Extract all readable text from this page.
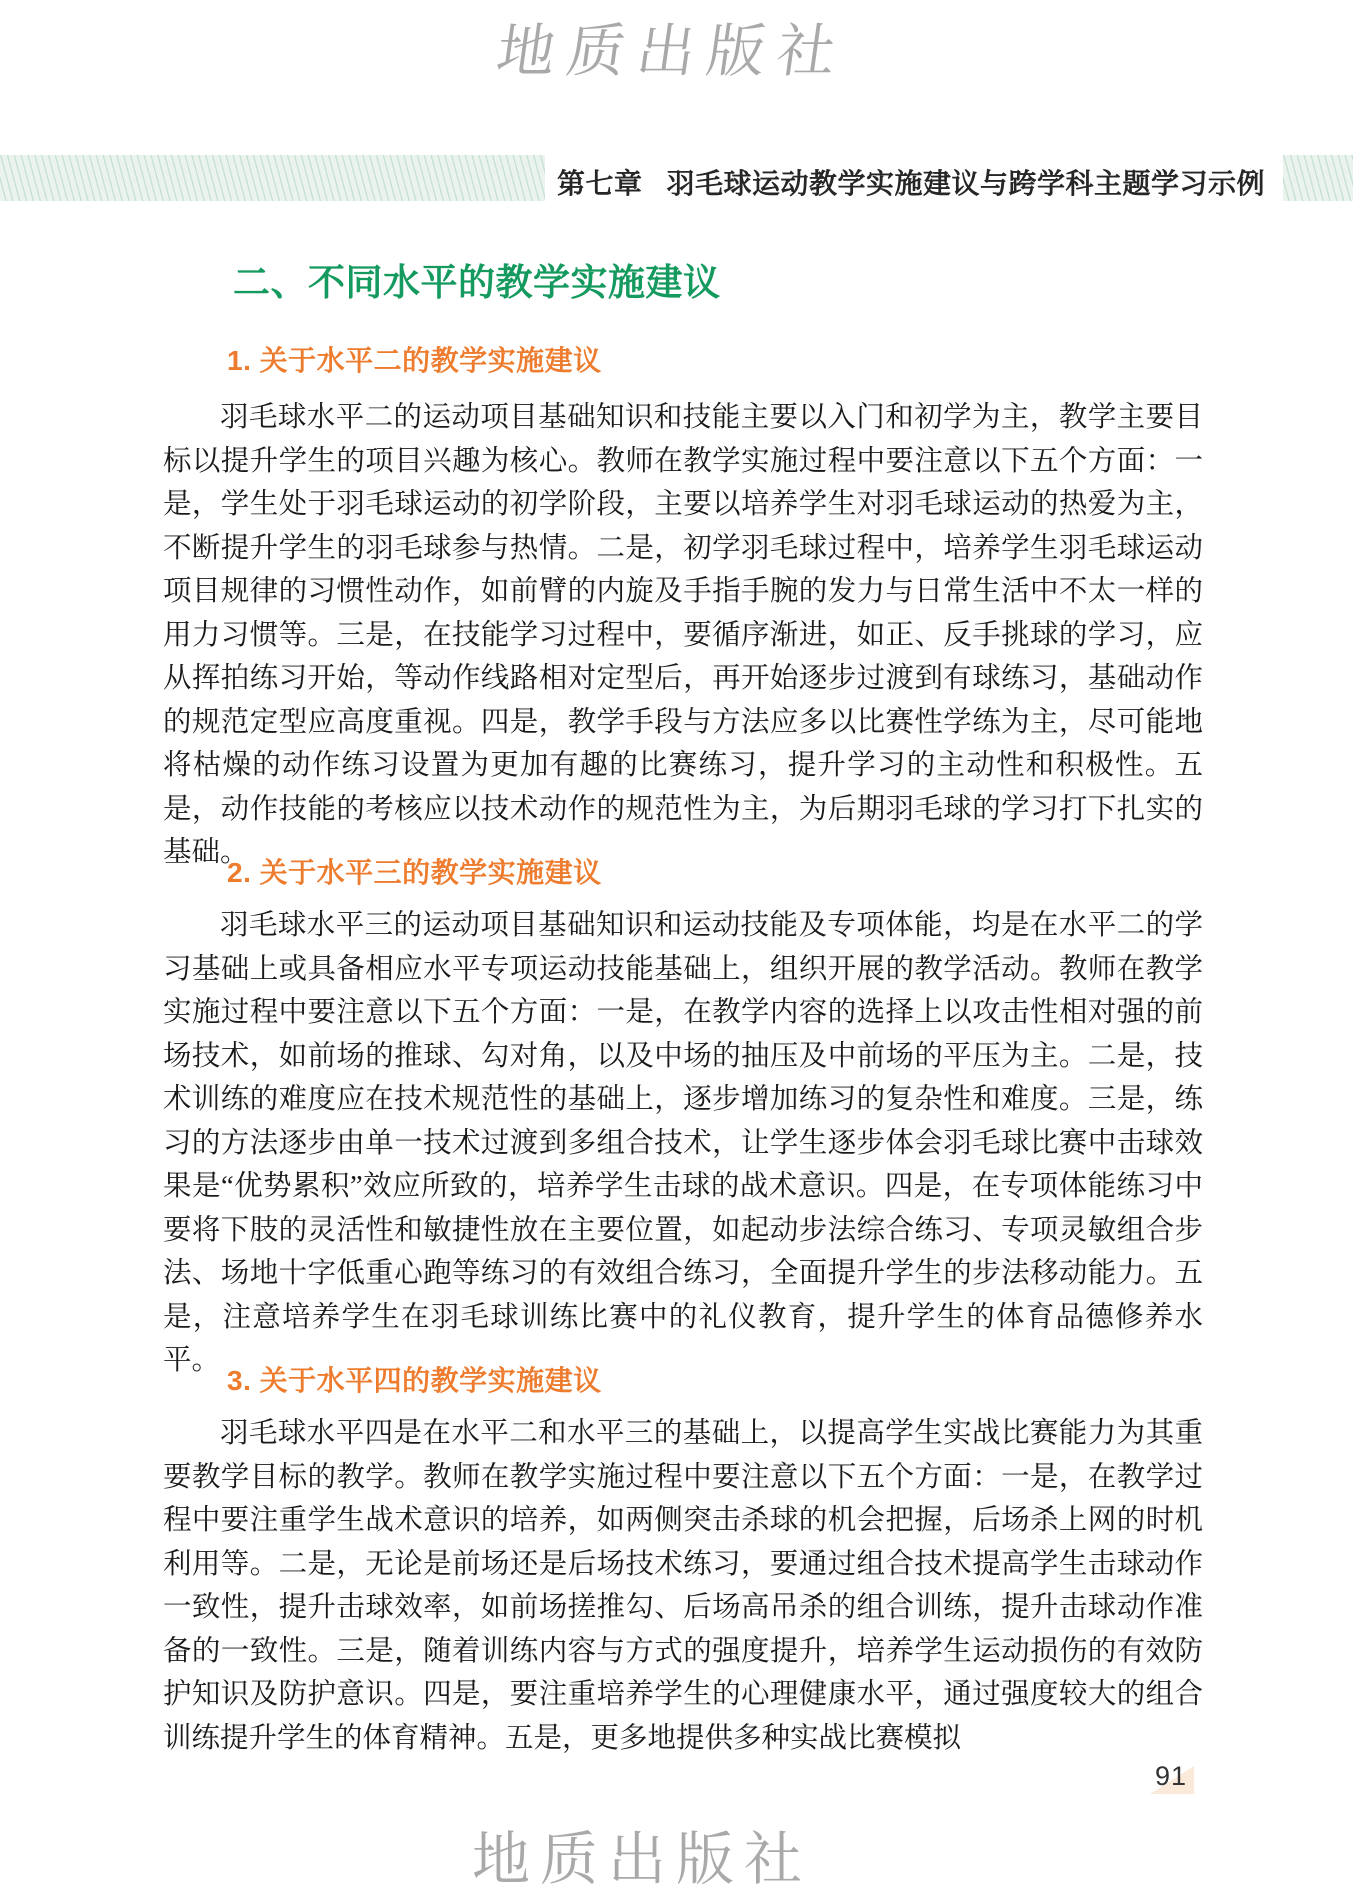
地质出版社
第七章 羽毛球运动教学实施建议与跨学科主题学习示例
二、不同水平的教学实施建议
1. 关于水平二的教学实施建议

羽毛球水平二的运动项目基础知识和技能主要以入门和初学为主，教学主要目标以提升学生的项目兴趣为核心。教师在教学实施过程中要注意以下五个方面：一是，学生处于羽毛球运动的初学阶段，主要以培养学生对羽毛球运动的热爱为主，不断提升学生的羽毛球参与热情。二是，初学羽毛球过程中，培养学生羽毛球运动项目规律的习惯性动作，如前臂的内旋及手指手腕的发力与日常生活中不太一样的用力习惯等。三是，在技能学习过程中，要循序渐进，如正、反手挑球的学习，应从挥拍练习开始，等动作线路相对定型后，再开始逐步过渡到有球练习，基础动作的规范定型应高度重视。四是，教学手段与方法应多以比赛性学练为主，尽可能地将枯燥的动作练习设置为更加有趣的比赛练习，提升学习的主动性和积极性。五是，动作技能的考核应以技术动作的规范性为主，为后期羽毛球的学习打下扎实的基础。

2. 关于水平三的教学实施建议

羽毛球水平三的运动项目基础知识和运动技能及专项体能，均是在水平二的学习基础上或具备相应水平专项运动技能基础上，组织开展的教学活动。教师在教学实施过程中要注意以下五个方面：一是，在教学内容的选择上以攻击性相对强的前场技术，如前场的推球、勾对角，以及中场的抽压及中前场的平压为主。二是，技术训练的难度应在技术规范性的基础上，逐步增加练习的复杂性和难度。三是，练习的方法逐步由单一技术过渡到多组合技术，让学生逐步体会羽毛球比赛中击球效果是“优势累积”效应所致的，培养学生击球的战术意识。四是，在专项体能练习中要将下肢的灵活性和敏捷性放在主要位置，如起动步法综合练习、专项灵敏组合步法、场地十字低重心跑等练习的有效组合练习，全面提升学生的步法移动能力。五是，注意培养学生在羽毛球训练比赛中的礼仪教育，提升学生的体育品德修养水平。

3. 关于水平四的教学实施建议

羽毛球水平四是在水平二和水平三的基础上，以提高学生实战比赛能力为其重要教学目标的教学。教师在教学实施过程中要注意以下五个方面：一是，在教学过程中要注重学生战术意识的培养，如两侧突击杀球的机会把握，后场杀上网的时机利用等。二是，无论是前场还是后场技术练习，要通过组合技术提高学生击球动作一致性，提升击球效率，如前场搓推勾、后场高吊杀的组合训练，提升击球动作准备的一致性。三是，随着训练内容与方式的强度提升，培养学生运动损伤的有效防护知识及防护意识。四是，要注重培养学生的心理健康水平，通过强度较大的组合训练提升学生的体育精神。五是，更多地提供多种实战比赛模拟

91
地质出版社
